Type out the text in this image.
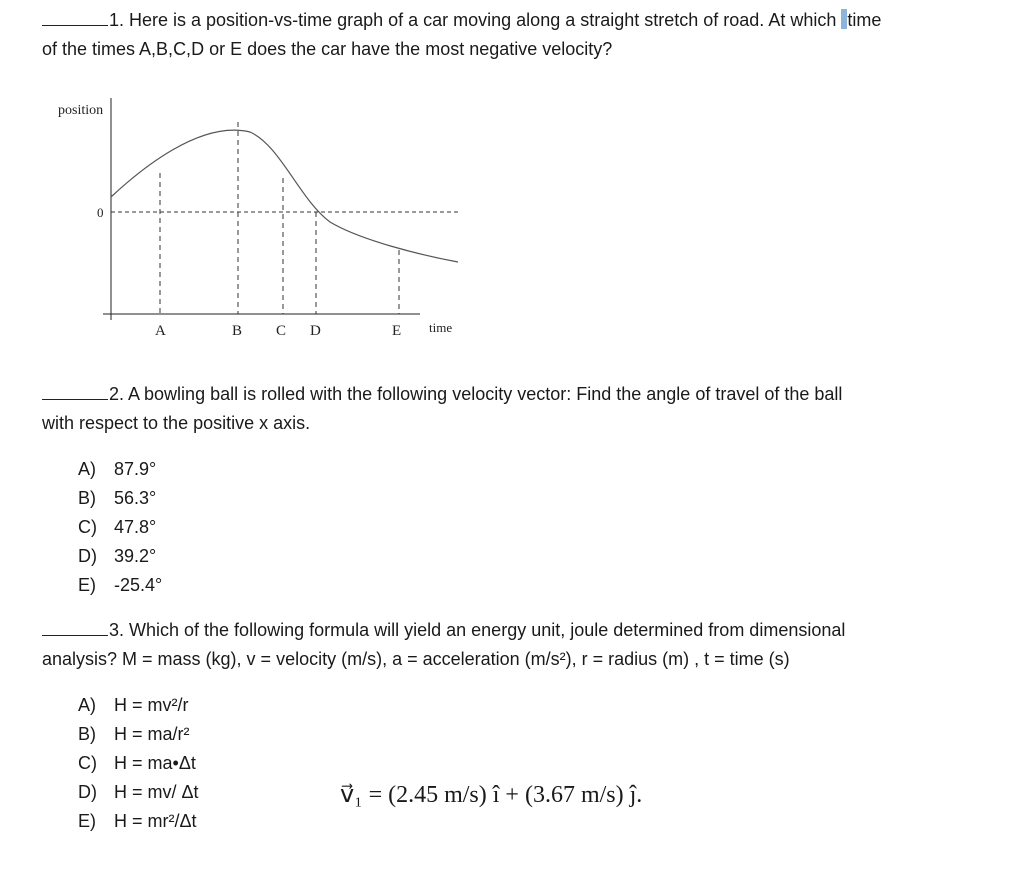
1. Here is a position-vs-time graph of a car moving along a straight stretch of road. At which time
of the times A,B,C,D or E does the car have the most negative velocity?
position
0
A	B C D	E time
2. A bowling ball is rolled with the following velocity vector: Find the angle of travel of the ball
with respect to the positive x axis.
A)	87.9°
B)	56.3°
C) 47.8°
D) 39.2°
E)	-25.4°
3. Which of the following formula will yield an energy unit, joule determined from dimensional
analysis? M = mass (kg), v = velocity (m/s), a = acceleration (m/s²), r = radius (m) , t = time (s)
A)	H = mv²/r
B)	H = ma/r²
C) H = ma•Δt
D) H = mv/ Δt
E)	H = mr²/Δt
v⃗₁ = (2.45 m/s) î + (3.67 m/s) ĵ.
